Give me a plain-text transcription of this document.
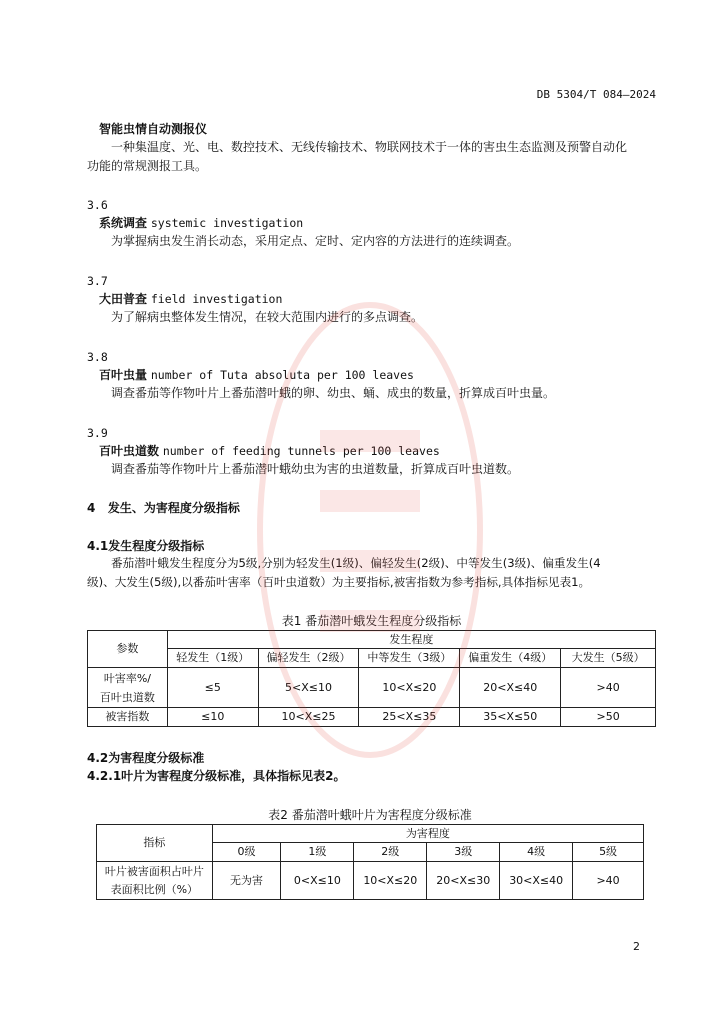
DB 5304/T 084—2024
智能虫情自动测报仪
一种集温度、光、电、数控技术、无线传输技术、物联网技术于一体的害虫生态监测及预警自动化
功能的常规测报工具。
3.6
系统调查 systemic investigation
为掌握病虫发生消长动态，采用定点、定时、定内容的方法进行的连续调查。
3.7
大田普查 field investigation
为了解病虫整体发生情况，在较大范围内进行的多点调查。
3.8
百叶虫量 number of Tuta absoluta per 100 leaves
调查番茄等作物叶片上番茄潜叶蛾的卵、幼虫、蛹、成虫的数量，折算成百叶虫量。
3.9
百叶虫道数 number of feeding tunnels per 100 leaves
调查番茄等作物叶片上番茄潜叶蛾幼虫为害的虫道数量，折算成百叶虫道数。
4 发生、为害程度分级指标
4.1发生程度分级指标
番茄潜叶蛾发生程度分为5级,分别为轻发生(1级)、偏轻发生(2级)、中等发生(3级)、偏重发生(4
级)、大发生(5级),以番茄叶害率（百叶虫道数）为主要指标,被害指数为参考指标,具体指标见表1。
表1 番茄潜叶蛾发生程度分级指标
参数	发生程度				
	轻发生（1级）	偏轻发生（2级）	中等发生（3级）	偏重发生（4级）	大发生（5级）
叶害率%/
百叶虫道数	≤5	5<X≤10	10<X≤20	20<X≤40	>40
被害指数	≤10	10<X≤25	25<X≤35	35<X≤50	>50
4.2为害程度分级标准
4.2.1叶片为害程度分级标准，具体指标见表2。
表2 番茄潜叶蛾叶片为害程度分级标准
指标	为害程度					
	0级	1级	2级	3级	4级	5级
叶片被害面积占叶片
表面积比例（%）	无为害	0<X≤10	10<X≤20	20<X≤30	30<X≤40	>40
2
